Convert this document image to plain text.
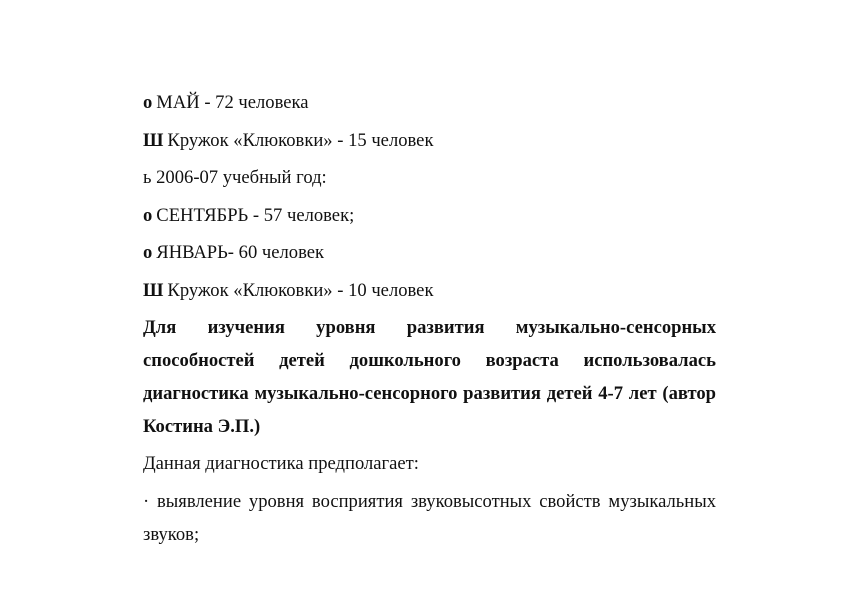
o МАЙ - 72 человека
Ш Кружок «Клюковки» - 15 человек
ь 2006-07 учебный год:
o СЕНТЯБРЬ - 57 человек;
o ЯНВАРЬ- 60 человек
Ш Кружок «Клюковки» - 10 человек

Для изучения уровня развития музыкально-сенсорных способностей детей дошкольного возраста использовалась диагностика музыкально-сенсорного развития детей 4-7 лет (автор Костина Э.П.)

Данная диагностика предполагает:

· выявление уровня восприятия звуковысотных свойств музыкальных звуков;
